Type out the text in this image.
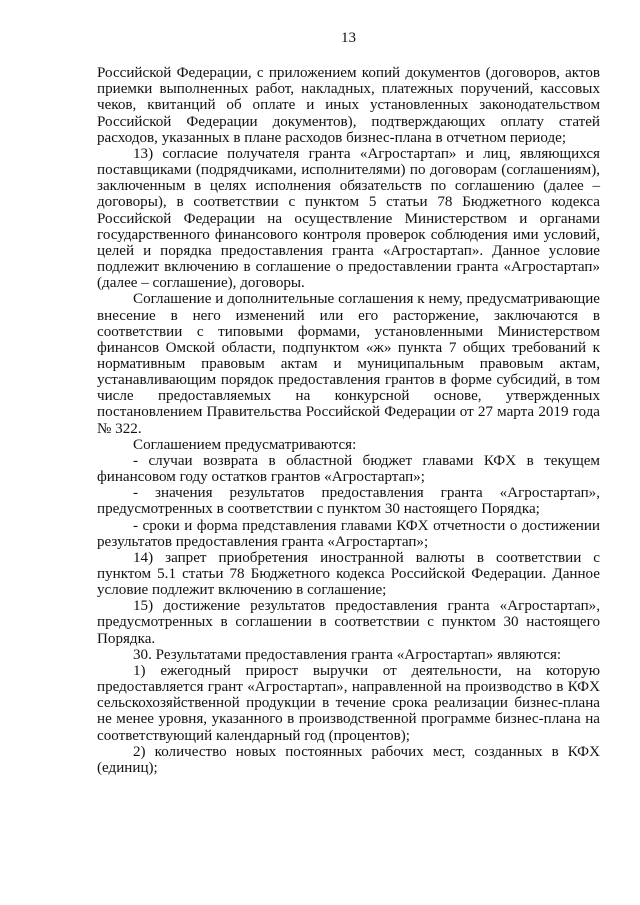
13

Российской Федерации, с приложением копий документов (договоров, актов приемки выполненных работ, накладных, платежных поручений, кассовых чеков, квитанций об оплате и иных установленных законодательством Российской Федерации документов), подтверждающих оплату статей расходов, указанных в плане расходов бизнес-плана в отчетном периоде;

13) согласие получателя гранта «Агростартап» и лиц, являющихся поставщиками (подрядчиками, исполнителями) по договорам (соглашениям), заключенным в целях исполнения обязательств по соглашению (далее – договоры), в соответствии с пунктом 5 статьи 78 Бюджетного кодекса Российской Федерации на осуществление Министерством и органами государственного финансового контроля проверок соблюдения ими условий, целей и порядка предоставления гранта «Агростартап». Данное условие подлежит включению в соглашение о предоставлении гранта «Агростартап» (далее – соглашение), договоры.

Соглашение и дополнительные соглашения к нему, предусматривающие внесение в него изменений или его расторжение, заключаются в соответствии с типовыми формами, установленными Министерством финансов Омской области, подпунктом «ж» пункта 7 общих требований к нормативным правовым актам и муниципальным правовым актам, устанавливающим порядок предоставления грантов в форме субсидий, в том числе предоставляемых на конкурсной основе, утвержденных постановлением Правительства Российской Федерации от 27 марта 2019 года № 322.

Соглашением предусматриваются:

- случаи возврата в областной бюджет главами КФХ в текущем финансовом году остатков грантов «Агростартап»;

- значения результатов предоставления гранта «Агростартап», предусмотренных в соответствии с пунктом 30 настоящего Порядка;

- сроки и форма представления главами КФХ отчетности о достижении результатов предоставления гранта «Агростартап»;

14) запрет приобретения иностранной валюты в соответствии с пунктом 5.1 статьи 78 Бюджетного кодекса Российской Федерации. Данное условие подлежит включению в соглашение;

15) достижение результатов предоставления гранта «Агростартап», предусмотренных в соглашении в соответствии с пунктом 30 настоящего Порядка.

30. Результатами предоставления гранта «Агростартап» являются:

1) ежегодный прирост выручки от деятельности, на которую предоставляется грант «Агростартап», направленной на производство в КФХ сельскохозяйственной продукции в течение срока реализации бизнес-плана не менее уровня, указанного в производственной программе бизнес-плана на соответствующий календарный год (процентов);

2) количество новых постоянных рабочих мест, созданных в КФХ (единиц);
